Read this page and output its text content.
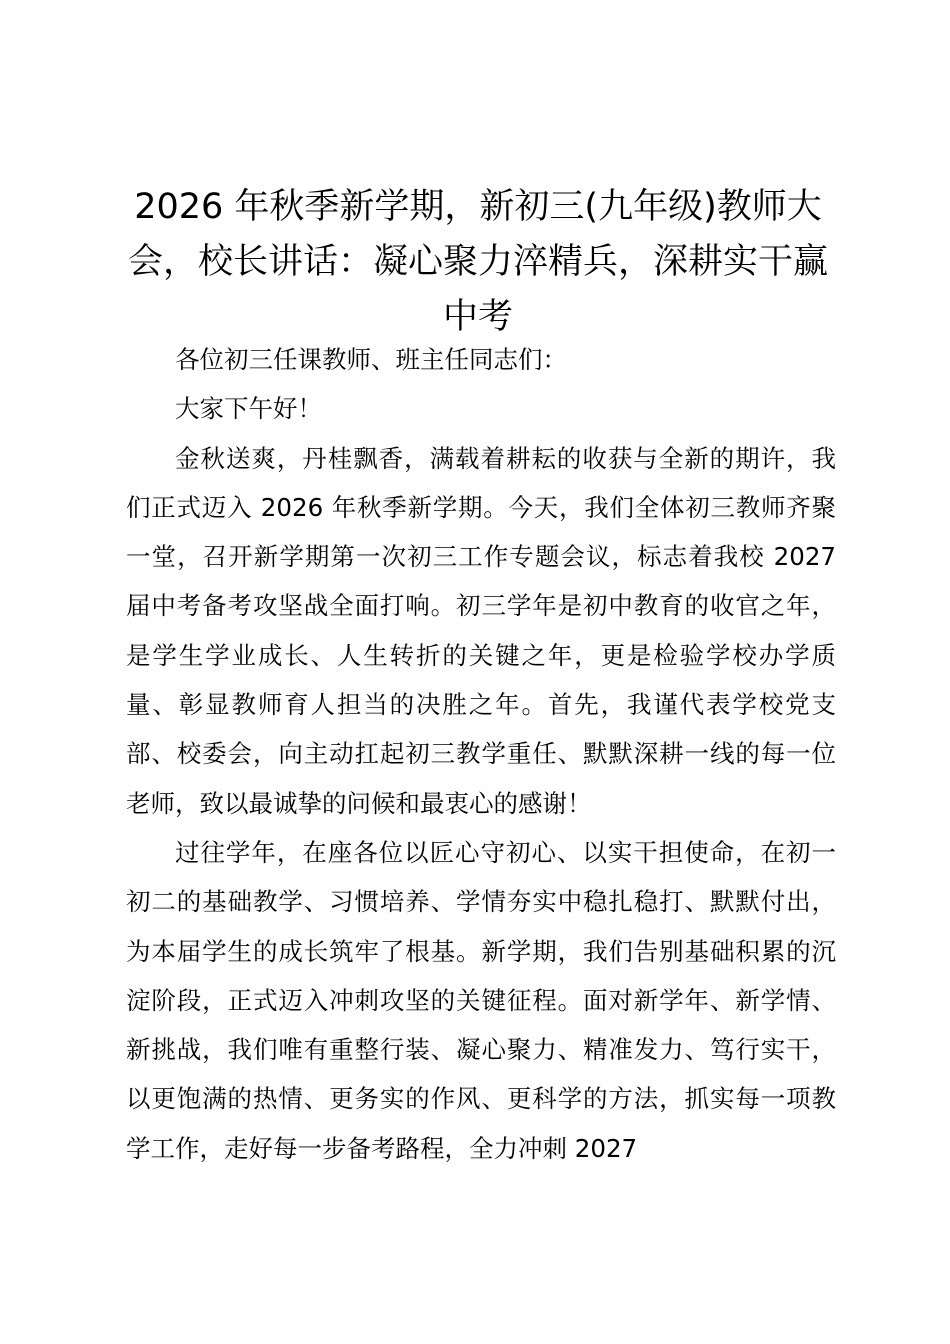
2026 年秋季新学期，新初三(九年级)教师大会，校长讲话：凝心聚力淬精兵，深耕实干赢中考

各位初三任课教师、班主任同志们：

大家下午好！

金秋送爽，丹桂飘香，满载着耕耘的收获与全新的期许，我们正式迈入 2026 年秋季新学期。今天，我们全体初三教师齐聚一堂，召开新学期第一次初三工作专题会议，标志着我校 2027 届中考备考攻坚战全面打响。初三学年是初中教育的收官之年，是学生学业成长、人生转折的关键之年，更是检验学校办学质量、彰显教师育人担当的决胜之年。首先，我谨代表学校党支部、校委会，向主动扛起初三教学重任、默默深耕一线的每一位老师，致以最诚挚的问候和最衷心的感谢！

过往学年，在座各位以匠心守初心、以实干担使命，在初一初二的基础教学、习惯培养、学情夯实中稳扎稳打、默默付出，为本届学生的成长筑牢了根基。新学期，我们告别基础积累的沉淀阶段，正式迈入冲刺攻坚的关键征程。面对新学年、新学情、新挑战，我们唯有重整行装、凝心聚力、精准发力、笃行实干，以更饱满的热情、更务实的作风、更科学的方法，抓实每一项教学工作，走好每一步备考路程，全力冲刺 2027
